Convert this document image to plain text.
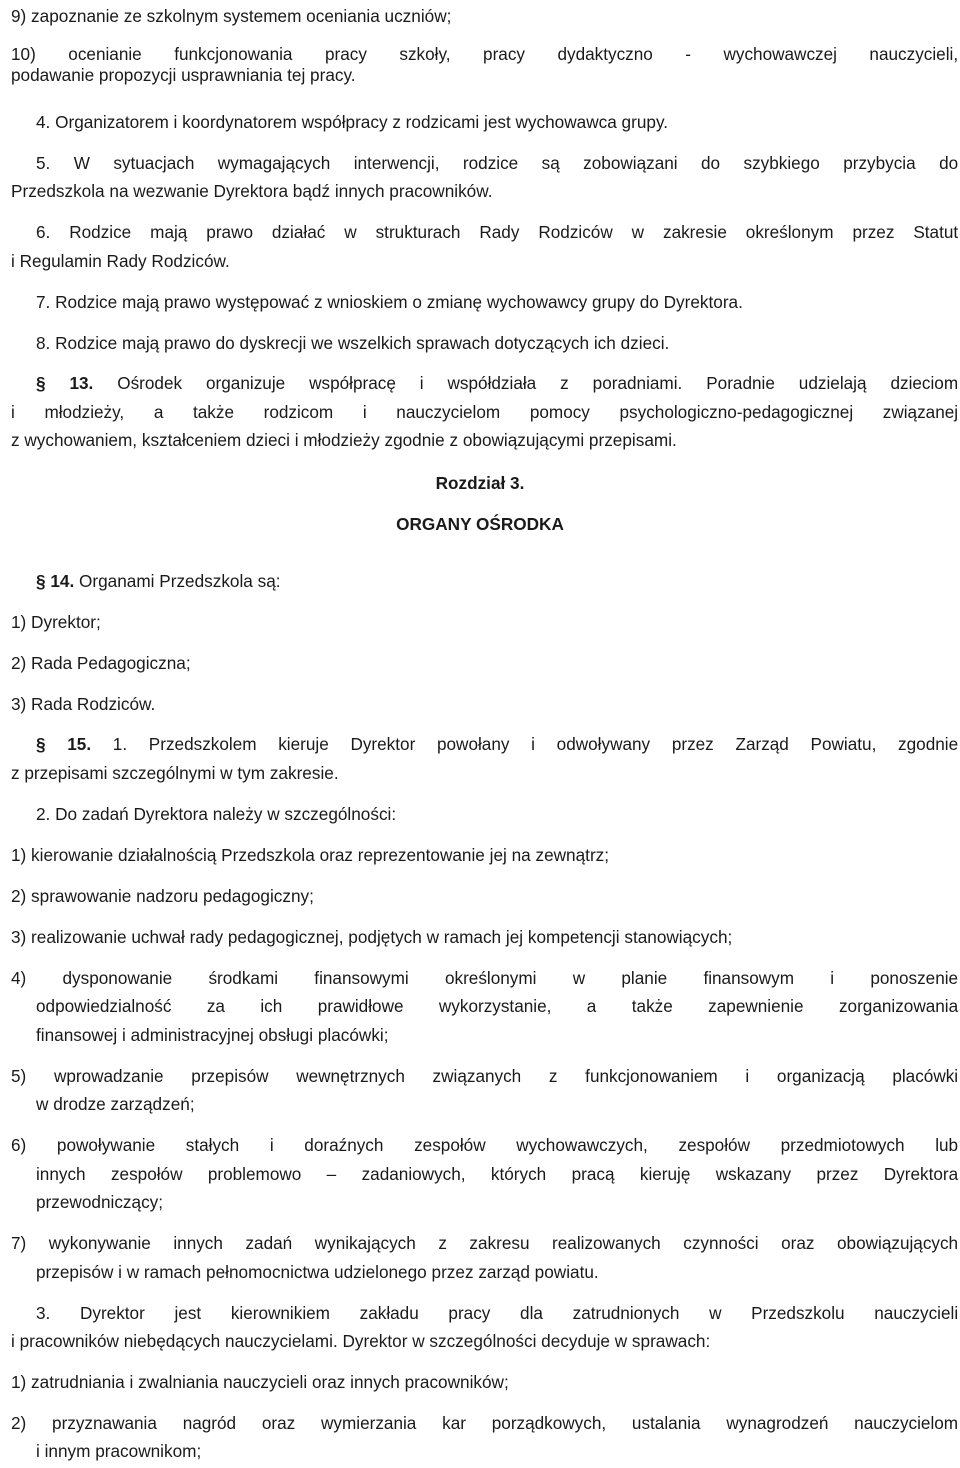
9) zapoznanie ze szkolnym systemem oceniania uczniów;
10) ocenianie funkcjonowania pracy szkoły, pracy dydaktyczno - wychowawczej nauczycieli,
podawanie propozycji usprawniania tej pracy.
4. Organizatorem i koordynatorem współpracy z rodzicami jest wychowawca grupy.
5. W sytuacjach wymagających interwencji, rodzice są zobowiązani do szybkiego przybycia do
Przedszkola na wezwanie Dyrektora bądź innych pracowników.
6. Rodzice mają prawo działać w strukturach Rady Rodziców w zakresie określonym przez Statut
i Regulamin Rady Rodziców.
7. Rodzice mają prawo występować z wnioskiem o zmianę wychowawcy grupy do Dyrektora.
8. Rodzice mają prawo do dyskrecji we wszelkich sprawach dotyczących ich dzieci.
§ 13. Ośrodek organizuje współpracę i współdziała z poradniami. Poradnie udzielają dzieciom
i młodzieży, a także rodzicom i nauczycielom pomocy psychologiczno-pedagogicznej związanej
z wychowaniem, kształceniem dzieci i młodzieży zgodnie z obowiązującymi przepisami.
Rozdział 3.
ORGANY OŚRODKA
§ 14. Organami Przedszkola są:
1) Dyrektor;
2) Rada Pedagogiczna;
3) Rada Rodziców.
§ 15. 1. Przedszkolem kieruje Dyrektor powołany i odwoływany przez Zarząd Powiatu, zgodnie
z przepisami szczególnymi w tym zakresie.
2. Do zadań Dyrektora należy w szczególności:
1) kierowanie działalnością Przedszkola oraz reprezentowanie jej na zewnątrz;
2) sprawowanie nadzoru pedagogiczny;
3) realizowanie uchwał rady pedagogicznej, podjętych w ramach jej kompetencji stanowiących;
4) dysponowanie środkami finansowymi określonymi w planie finansowym i ponoszenie
odpowiedzialność za ich prawidłowe wykorzystanie, a także zapewnienie zorganizowania
finansowej i administracyjnej obsługi placówki;
5) wprowadzanie przepisów wewnętrznych związanych z funkcjonowaniem i organizacją placówki
w drodze zarządzeń;
6) powoływanie stałych i doraźnych zespołów wychowawczych, zespołów przedmiotowych lub
innych zespołów problemowo – zadaniowych, których pracą kieruję wskazany przez Dyrektora
przewodniczący;
7) wykonywanie innych zadań wynikających z zakresu realizowanych czynności oraz obowiązujących
przepisów i w ramach pełnomocnictwa udzielonego przez zarząd powiatu.
3. Dyrektor jest kierownikiem zakładu pracy dla zatrudnionych w Przedszkolu nauczycieli
i pracowników niebędących nauczycielami. Dyrektor w szczególności decyduje w sprawach:
1) zatrudniania i zwalniania nauczycieli oraz innych pracowników;
2) przyznawania nagród oraz wymierzania kar porządkowych, ustalania wynagrodzeń nauczycielom
i innym pracownikom;
